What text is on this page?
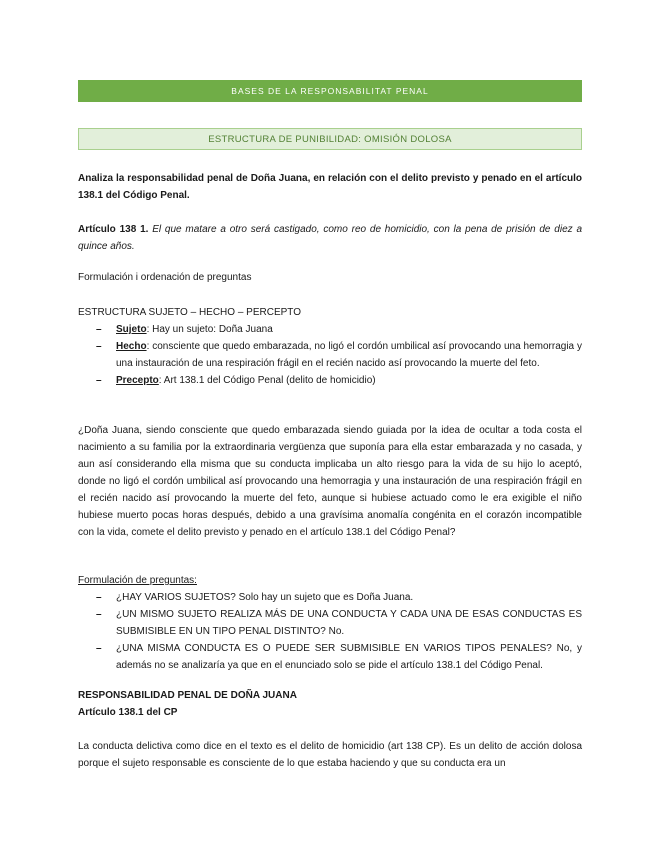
BASES DE LA RESPONSABILITAT PENAL
ESTRUCTURA DE PUNIBILIDAD: OMISIÓN DOLOSA
Analiza la responsabilidad penal de Doña Juana, en relación con el delito previsto y penado en el artículo 138.1 del Código Penal.
Artículo 138 1. El que matare a otro será castigado, como reo de homicidio, con la pena de prisión de diez a quince años.
Formulación i ordenación de preguntas
ESTRUCTURA SUJETO – HECHO – PERCEPTO
– Sujeto: Hay un sujeto: Doña Juana
– Hecho: consciente que quedo embarazada, no ligó el cordón umbilical así provocando una hemorragia y una instauración de una respiración frágil en el recién nacido así provocando la muerte del feto.
– Precepto: Art 138.1 del Código Penal (delito de homicidio)
¿Doña Juana, siendo consciente que quedo embarazada siendo guiada por la idea de ocultar a toda costa el nacimiento a su familia por la extraordinaria vergüenza que suponía para ella estar embarazada y no casada, y aun así considerando ella misma que su conducta implicaba un alto riesgo para la vida de su hijo lo aceptó, donde no ligó el cordón umbilical así provocando una hemorragia y una instauración de una respiración frágil en el recién nacido así provocando la muerte del feto, aunque si hubiese actuado como le era exigible el niño hubiese muerto pocas horas después, debido a una gravísima anomalía congénita en el corazón incompatible con la vida, comete el delito previsto y penado en el artículo 138.1 del Código Penal?
Formulación de preguntas:
– ¿HAY VARIOS SUJETOS? Solo hay un sujeto que es Doña Juana.
– ¿UN MISMO SUJETO REALIZA MÁS DE UNA CONDUCTA Y CADA UNA DE ESAS CONDUCTAS ES SUBMISIBLE EN UN TIPO PENAL DISTINTO? No.
– ¿UNA MISMA CONDUCTA ES O PUEDE SER SUBMISIBLE EN VARIOS TIPOS PENALES? No, y además no se analizaría ya que en el enunciado solo se pide el artículo 138.1 del Código Penal.
RESPONSABILIDAD PENAL DE DOÑA JUANA
Artículo 138.1 del CP
La conducta delictiva como dice en el texto es el delito de homicidio (art 138 CP). Es un delito de acción dolosa porque el sujeto responsable es consciente de lo que estaba haciendo y que su conducta era un
